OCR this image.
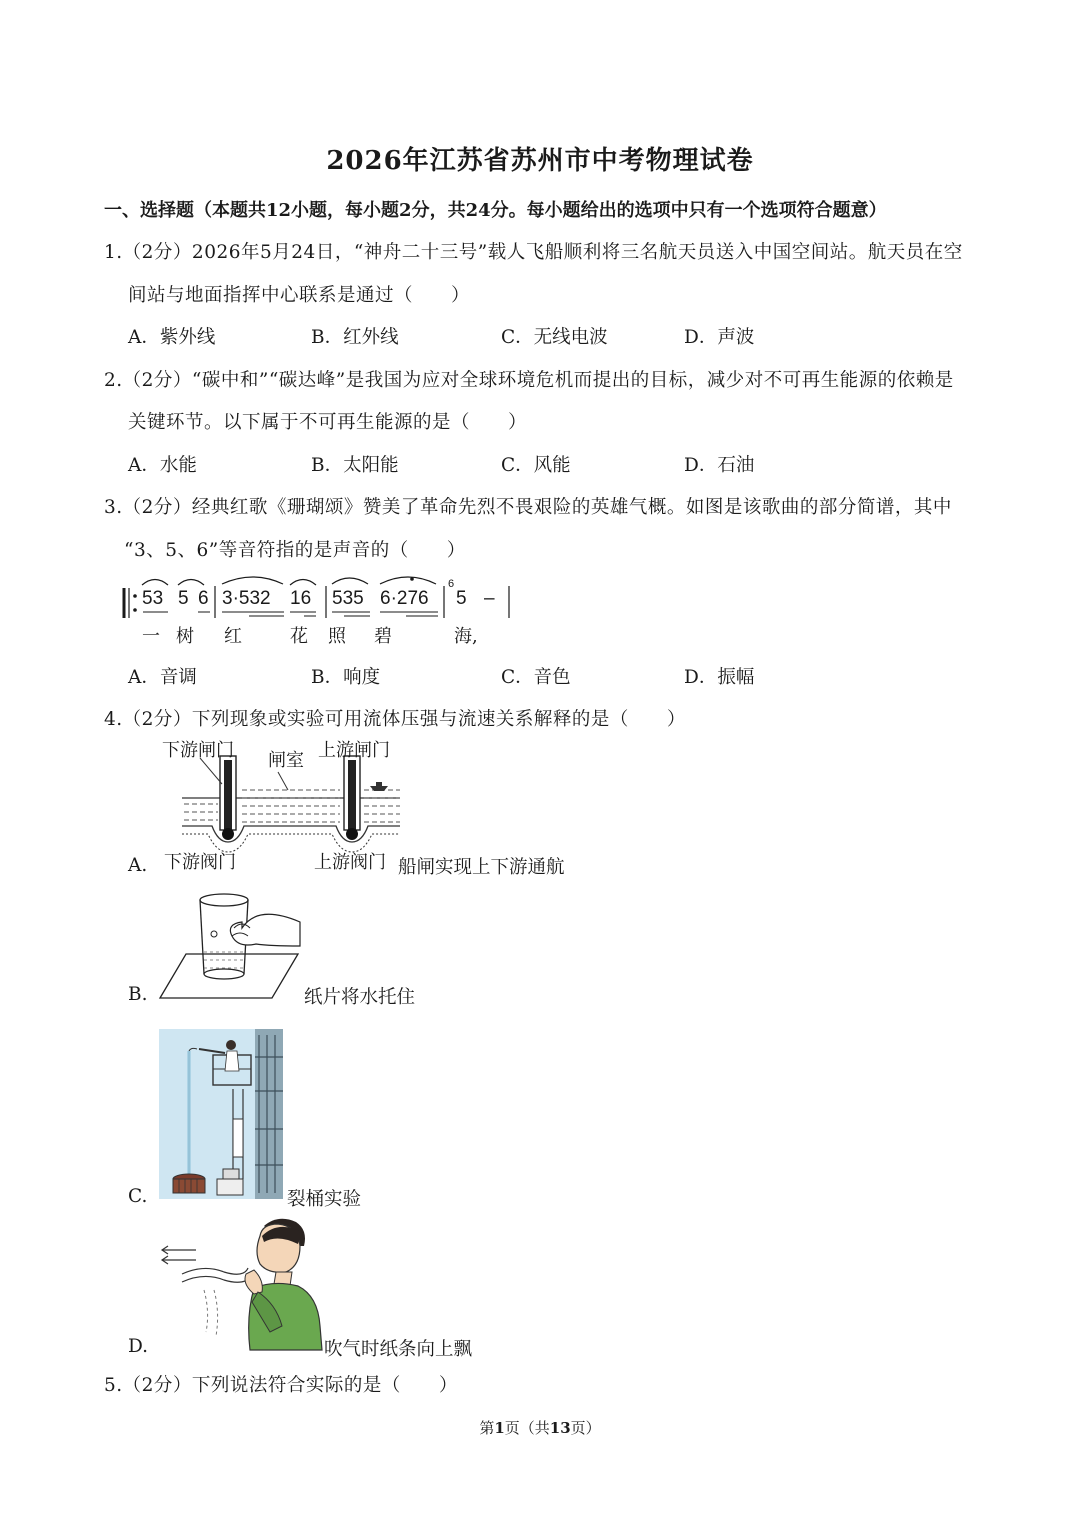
2026年江苏省苏州市中考物理试卷
一、选择题（本题共12小题，每小题2分，共24分。每小题给出的选项中只有一个选项符合题意）
1.（2分）2026年5月24日，“神舟二十三号”载人飞船顺利将三名航天员送入中国空间站。航天员在空
间站与地面指挥中心联系是通过（　　）
A．紫外线	B．红外线	C．无线电波	D．声波
2.（2分）“碳中和”“碳达峰”是我国为应对全球环境危机而提出的目标，减少对不可再生能源的依赖是
关键环节。以下属于不可再生能源的是（　　）
A．水能	B．太阳能	C．风能	D．石油
3.（2分）经典红歌《珊瑚颂》赞美了革命先烈不畏艰险的英雄气概。如图是该歌曲的部分简谱，其中
“3、5、6”等音符指的是声音的（　　）
53 5 6 3·532 16 535 6·276
6
5 –
一 树 红	花 照 碧	海,
A．音调	B．响度	C．音色	D．振幅
4.（2分）下列现象或实验可用流体压强与流速关系解释的是（　　）
A.
下游闸门 闸室 上游闸门
下游阀门	上游阀门 船闸实现上下游通航
B.	纸片将水托住
C.	裂桶实验
D.	吹气时纸条向上飘
5.（2分）下列说法符合实际的是（　　）
第1页（共13页）
